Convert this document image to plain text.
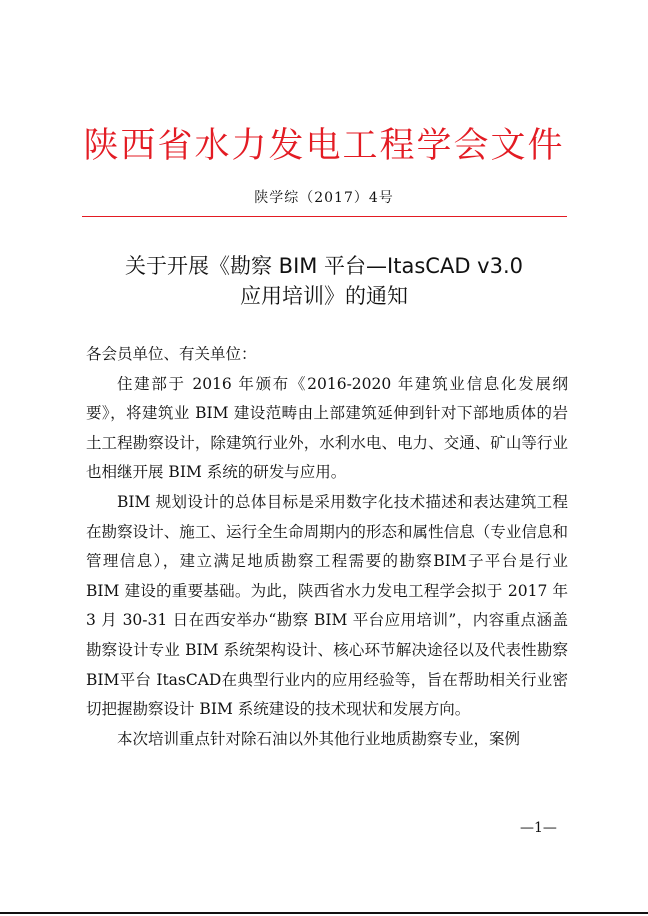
陕西省水力发电工程学会文件
陕学综（2017）4号
关于开展《勘察 BIM 平台—ItasCAD v3.0
应用培训》的通知

各会员单位、有关单位：

住建部于 2016 年颁布《2016-2020 年建筑业信息化发展纲要》，将建筑业 BIM 建设范畴由上部建筑延伸到针对下部地质体的岩土工程勘察设计，除建筑行业外，水利水电、电力、交通、矿山等行业也相继开展 BIM 系统的研发与应用。

BIM 规划设计的总体目标是采用数字化技术描述和表达建筑工程在勘察设计、施工、运行全生命周期内的形态和属性信息（专业信息和管理信息），建立满足地质勘察工程需要的勘察BIM子平台是行业 BIM 建设的重要基础。为此，陕西省水力发电工程学会拟于 2017 年 3 月 30-31 日在西安举办“勘察 BIM 平台应用培训”，内容重点涵盖勘察设计专业 BIM 系统架构设计、核心环节解决途径以及代表性勘察BIM平台 ItasCAD在典型行业内的应用经验等，旨在帮助相关行业密切把握勘察设计 BIM 系统建设的技术现状和发展方向。

本次培训重点针对除石油以外其他行业地质勘察专业，案例

—1—
